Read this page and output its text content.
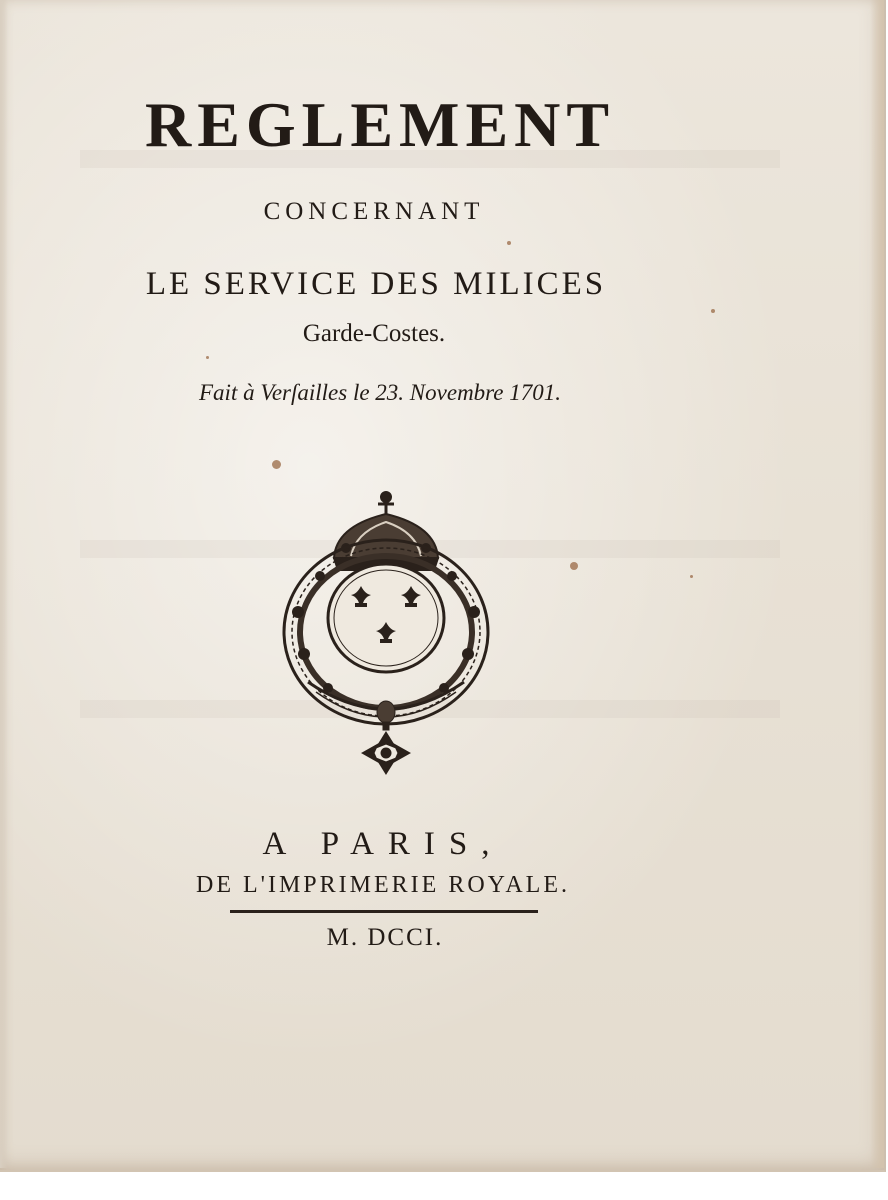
REGLEMENT
CONCERNANT
LE SERVICE DES MILICES
Garde-Costes.
Fait à Verſailles le 23. Novembre 1701.
A PARIS,
DE L'IMPRIMERIE ROYALE.
M. DCCI.
